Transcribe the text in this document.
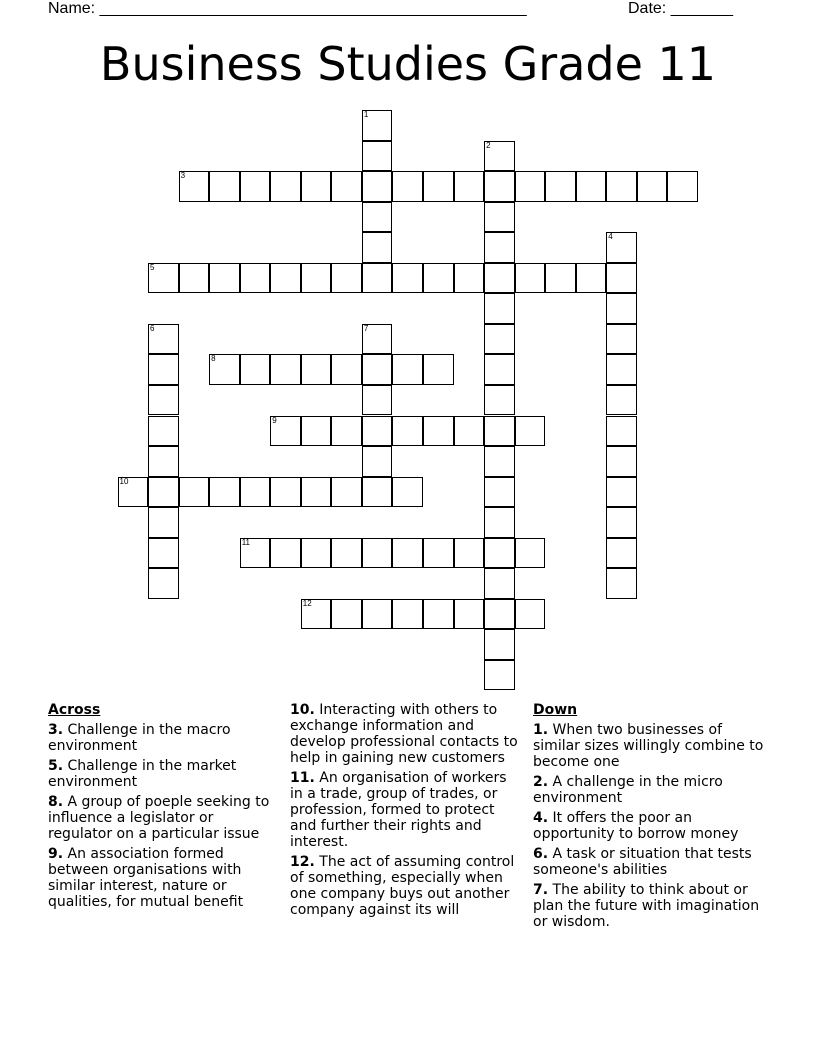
Name: ________________________________________________	Date: _______
Business Studies Grade 11
1
2
3
4
5
6	7
8
9
10
11
12
Across
3. Challenge in the macro environment
5. Challenge in the market environment
8. A group of poeple seeking to influence a legislator or regulator on a particular issue
9. An association formed between organisations with similar interest, nature or qualities, for mutual benefit
10. Interacting with others to exchange information and develop professional contacts to help in gaining new customers
11. An organisation of workers in a trade, group of trades, or profession, formed to protect and further their rights and interest.
12. The act of assuming control of something, especially when one company buys out another company against its will
Down
1. When two businesses of similar sizes willingly combine to become one
2. A challenge in the micro environment
4. It offers the poor an opportunity to borrow money
6. A task or situation that tests someone's abilities
7. The ability to think about or plan the future with imagination or wisdom.
